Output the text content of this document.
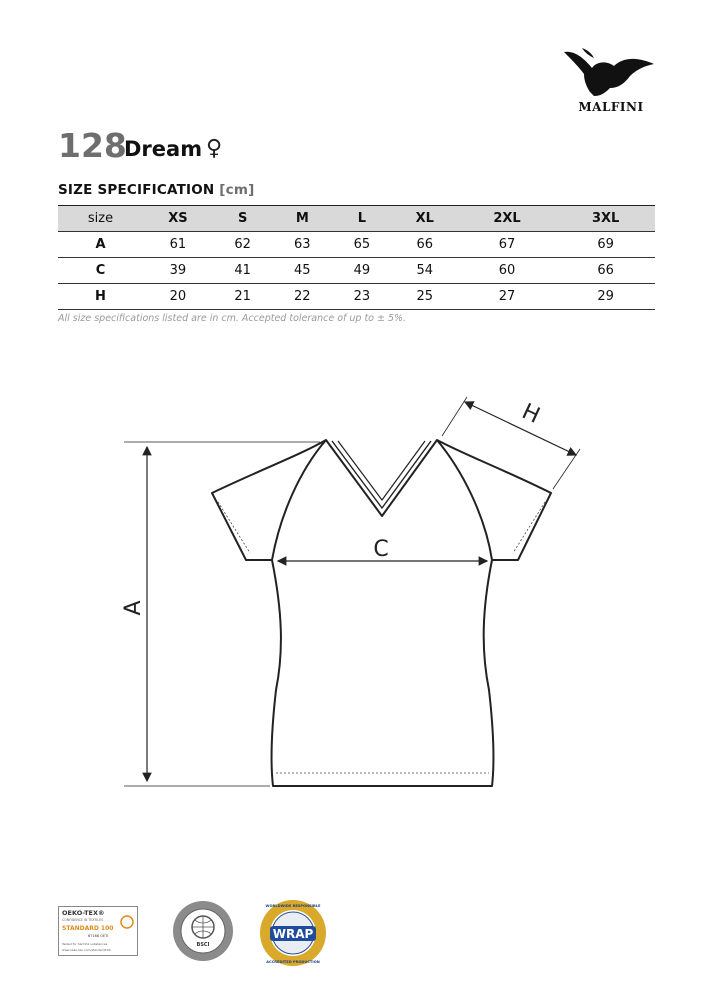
MALFINI
128
Dream ♀
SIZE SPECIFICATION [cm]
size	XS	S	M	L	XL	2XL	3XL
A	61	62	63	65	66	67	69
C	39	41	45	49	54	60	66
H	20	21	22	23	25	27	29
All size specifications listed are in cm. Accepted tolerance of up to ± 5%.
A
C
H
OEKO-TEX®
CONFIDENCE IN TEXTILES
STANDARD 100
67168 OETI
Tested for harmful substances.
www.oeko-tex.com/standard100
BSCI
WRAP
WORLDWIDE RESPONSIBLE
ACCREDITED PRODUCTION
